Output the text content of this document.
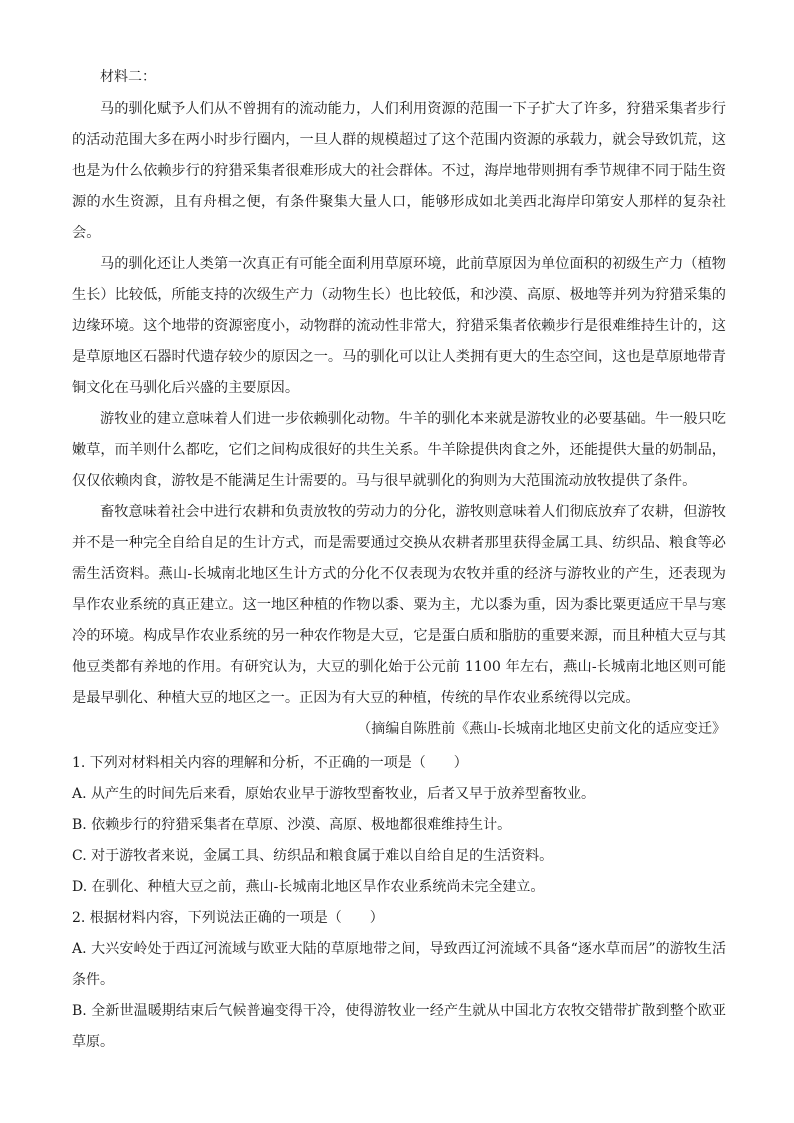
材料二：

马的驯化赋予人们从不曾拥有的流动能力，人们利用资源的范围一下子扩大了许多，狩猎采集者步行的活动范围大多在两小时步行圈内，一旦人群的规模超过了这个范围内资源的承载力，就会导致饥荒，这也是为什么依赖步行的狩猎采集者很难形成大的社会群体。不过，海岸地带则拥有季节规律不同于陆生资源的水生资源，且有舟楫之便，有条件聚集大量人口，能够形成如北美西北海岸印第安人那样的复杂社会。

马的驯化还让人类第一次真正有可能全面利用草原环境，此前草原因为单位面积的初级生产力（植物生长）比较低，所能支持的次级生产力（动物生长）也比较低，和沙漠、高原、极地等并列为狩猎采集的边缘环境。这个地带的资源密度小，动物群的流动性非常大，狩猎采集者依赖步行是很难维持生计的，这是草原地区石器时代遗存较少的原因之一。马的驯化可以让人类拥有更大的生态空间，这也是草原地带青铜文化在马驯化后兴盛的主要原因。

游牧业的建立意味着人们进一步依赖驯化动物。牛羊的驯化本来就是游牧业的必要基础。牛一般只吃嫩草，而羊则什么都吃，它们之间构成很好的共生关系。牛羊除提供肉食之外，还能提供大量的奶制品，仅仅依赖肉食，游牧是不能满足生计需要的。马与很早就驯化的狗则为大范围流动放牧提供了条件。

畜牧意味着社会中进行农耕和负责放牧的劳动力的分化，游牧则意味着人们彻底放弃了农耕，但游牧并不是一种完全自给自足的生计方式，而是需要通过交换从农耕者那里获得金属工具、纺织品、粮食等必需生活资料。燕山-长城南北地区生计方式的分化不仅表现为农牧并重的经济与游牧业的产生，还表现为旱作农业系统的真正建立。这一地区种植的作物以黍、粟为主，尤以黍为重，因为黍比粟更适应干旱与寒冷的环境。构成旱作农业系统的另一种农作物是大豆，它是蛋白质和脂肪的重要来源，而且种植大豆与其他豆类都有养地的作用。有研究认为，大豆的驯化始于公元前 1100 年左右，燕山-长城南北地区则可能是最早驯化、种植大豆的地区之一。正因为有大豆的种植，传统的旱作农业系统得以完成。

（摘编自陈胜前《燕山-长城南北地区史前文化的适应变迁》

1. 下列对材料相关内容的理解和分析，不正确的一项是（　　）

A. 从产生的时间先后来看，原始农业早于游牧型畜牧业，后者又早于放养型畜牧业。

B. 依赖步行的狩猎采集者在草原、沙漠、高原、极地都很难维持生计。

C. 对于游牧者来说，金属工具、纺织品和粮食属于难以自给自足的生活资料。

D. 在驯化、种植大豆之前，燕山-长城南北地区旱作农业系统尚未完全建立。

2. 根据材料内容，下列说法正确的一项是（　　）

A. 大兴安岭处于西辽河流域与欧亚大陆的草原地带之间，导致西辽河流域不具备“逐水草而居”的游牧生活条件。

B. 全新世温暖期结束后气候普遍变得干冷，使得游牧业一经产生就从中国北方农牧交错带扩散到整个欧亚草原。
